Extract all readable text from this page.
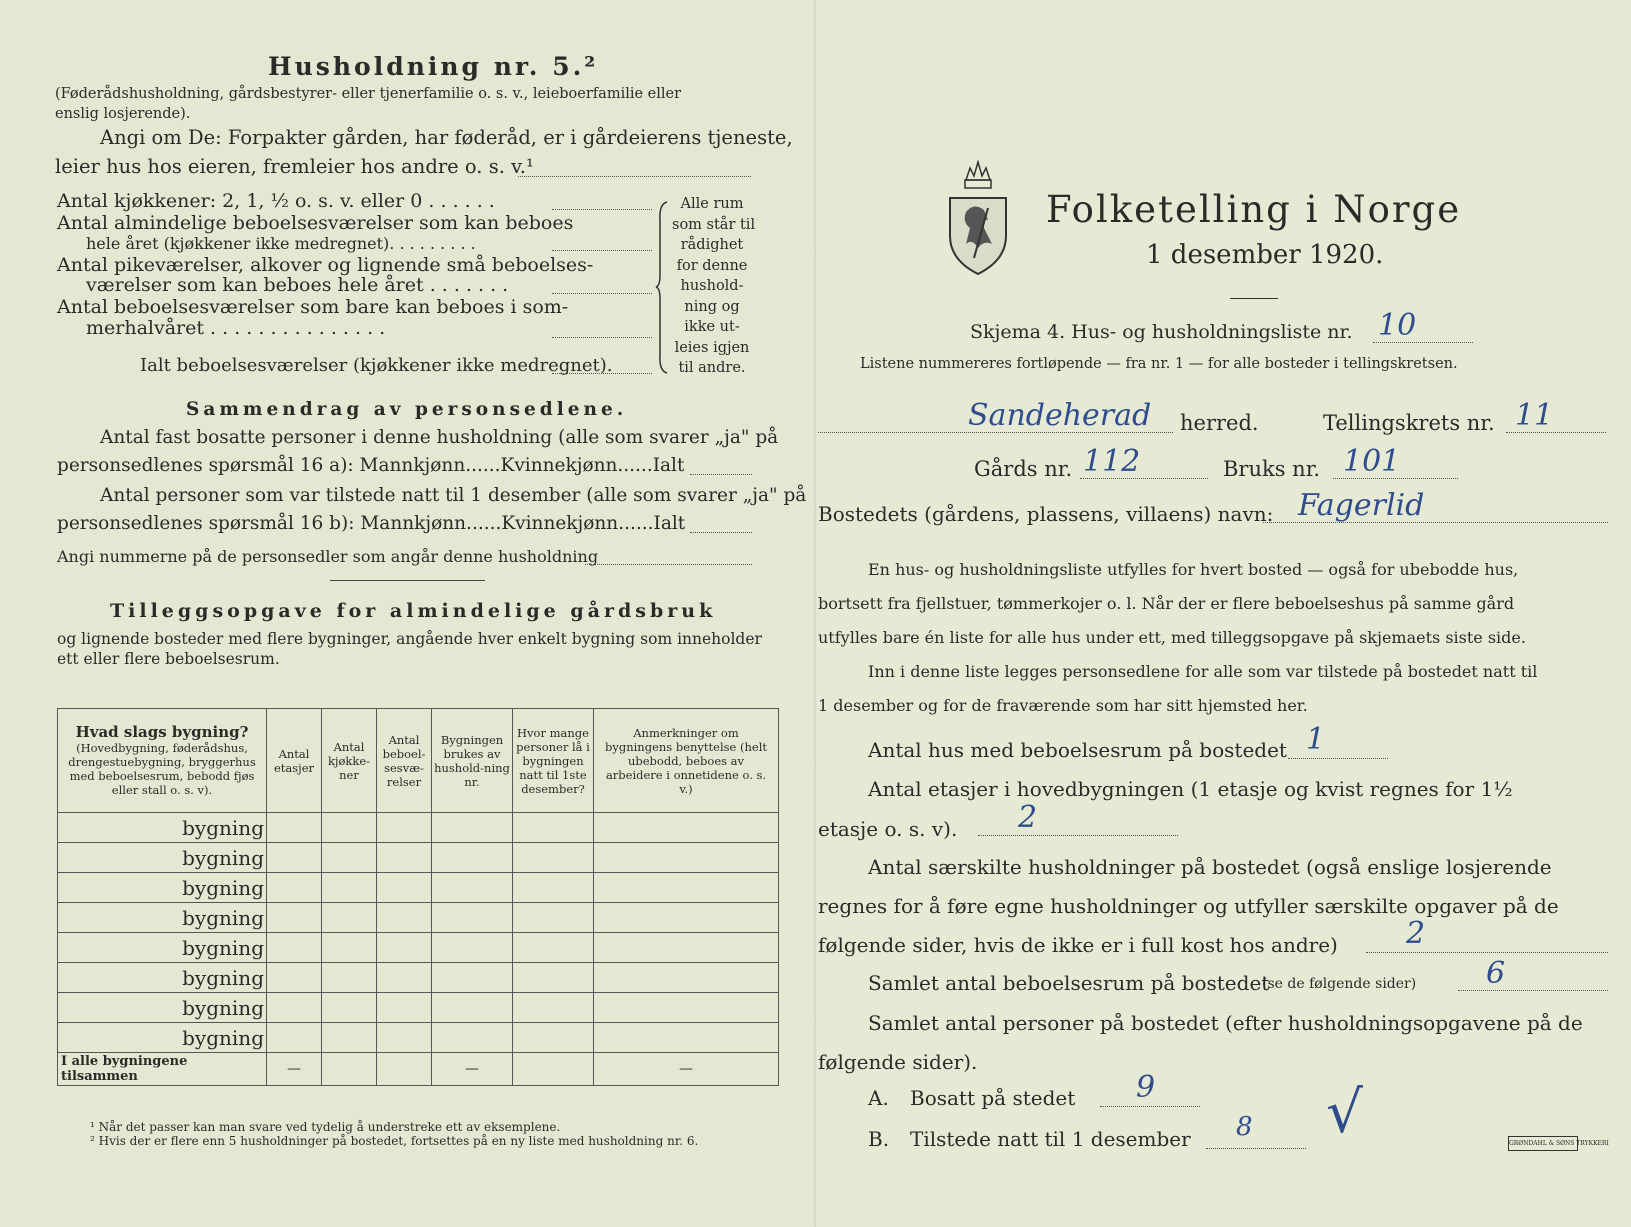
Husholdning nr. 5.²
(Føderådshusholdning, gårdsbestyrer- eller tjenerfamilie o. s. v., leieboerfamilie eller
enslig losjerende).
Angi om De: Forpakter gården, har føderåd, er i gårdeierens tjeneste,
leier hus hos eieren, fremleier hos andre o. s. v.¹
Antal kjøkkener: 2, 1, ½ o. s. v. eller 0 . . . . . .
Antal almindelige beboelsesværelser som kan beboes
hele året (kjøkkener ikke medregnet). . . . . . . . .
Antal pikeværelser, alkover og lignende små beboelses-
værelser som kan beboes hele året . . . . . . .
Antal beboelsesværelser som bare kan beboes i som-
merhalvåret . . . . . . . . . . . . . . .
Ialt beboelsesværelser (kjøkkener ikke medregnet).
Alle rum
som står til
rådighet
for denne
hushold-
ning og
ikke ut-
leies igjen
til andre.
Sammendrag av personsedlene.
Antal fast bosatte personer i denne husholdning (alle som svarer „ja" på
personsedlenes spørsmål 16 a): Mannkjønn......Kvinnekjønn......Ialt
Antal personer som var tilstede natt til 1 desember (alle som svarer „ja" på
personsedlenes spørsmål 16 b): Mannkjønn......Kvinnekjønn......Ialt
Angi nummerne på de personsedler som angår denne husholdning
Tilleggsopgave for almindelige gårdsbruk
og lignende bosteder med flere bygninger, angående hver enkelt bygning som inneholder
ett eller flere beboelsesrum.
Hvad slags bygning?
(Hovedbygning, føderådshus, drengestuebygning, bryggerhus med beboelsesrum, bebodd fjøs eller stall o. s. v).	Antal etasjer	Antal kjøkke-ner	Antal beboel-sesvæ-relser	Bygningen brukes av hushold-ning nr.	Hvor mange personer lå i bygningen natt til 1ste desember?	Anmerkninger om bygningens benyttelse (helt ubebodd, beboes av arbeidere i onnetidene o. s. v.)
bygning						
bygning						
bygning						
bygning						
bygning						
bygning						
bygning						
bygning						
I alle bygningene tilsammen	—			—		—
¹ Når det passer kan man svare ved tydelig å understreke ett av eksemplene.
² Hvis der er flere enn 5 husholdninger på bostedet, fortsettes på en ny liste med husholdning nr. 6.
Folketelling i Norge
1 desember 1920.
Skjema 4. Hus- og husholdningsliste nr. 10
Listene nummereres fortløpende — fra nr. 1 — for alle bosteder i tellingskretsen.
Sandeherad herred.	Tellingskrets nr. 11
Gårds nr. 112	Bruks nr. 101
Bostedets (gårdens, plassens, villaens) navn: Fagerlid
En hus- og husholdningsliste utfylles for hvert bosted — også for ubebodde hus,
bortsett fra fjellstuer, tømmerkojer o. l. Når der er flere beboelseshus på samme gård
utfylles bare én liste for alle hus under ett, med tilleggsopgave på skjemaets siste side.
Inn i denne liste legges personsedlene for alle som var tilstede på bostedet natt til
1 desember og for de fraværende som har sitt hjemsted her.
Antal hus med beboelsesrum på bostedet 1
Antal etasjer i hovedbygningen (1 etasje og kvist regnes for 1½
etasje o. s. v). 2
Antal særskilte husholdninger på bostedet (også enslige losjerende
regnes for å føre egne husholdninger og utfyller særskilte opgaver på de
følgende sider, hvis de ikke er i full kost hos andre) 2
Samlet antal beboelsesrum på bostedet
(se de følgende sider) 6
Samlet antal personer på bostedet (efter husholdningsopgavene på de
følgende sider).
A. Bosatt på stedet 9
B. Tilstede natt til 1 desember 8 √	GRØNDAHL & SØNS TRYKKERI
